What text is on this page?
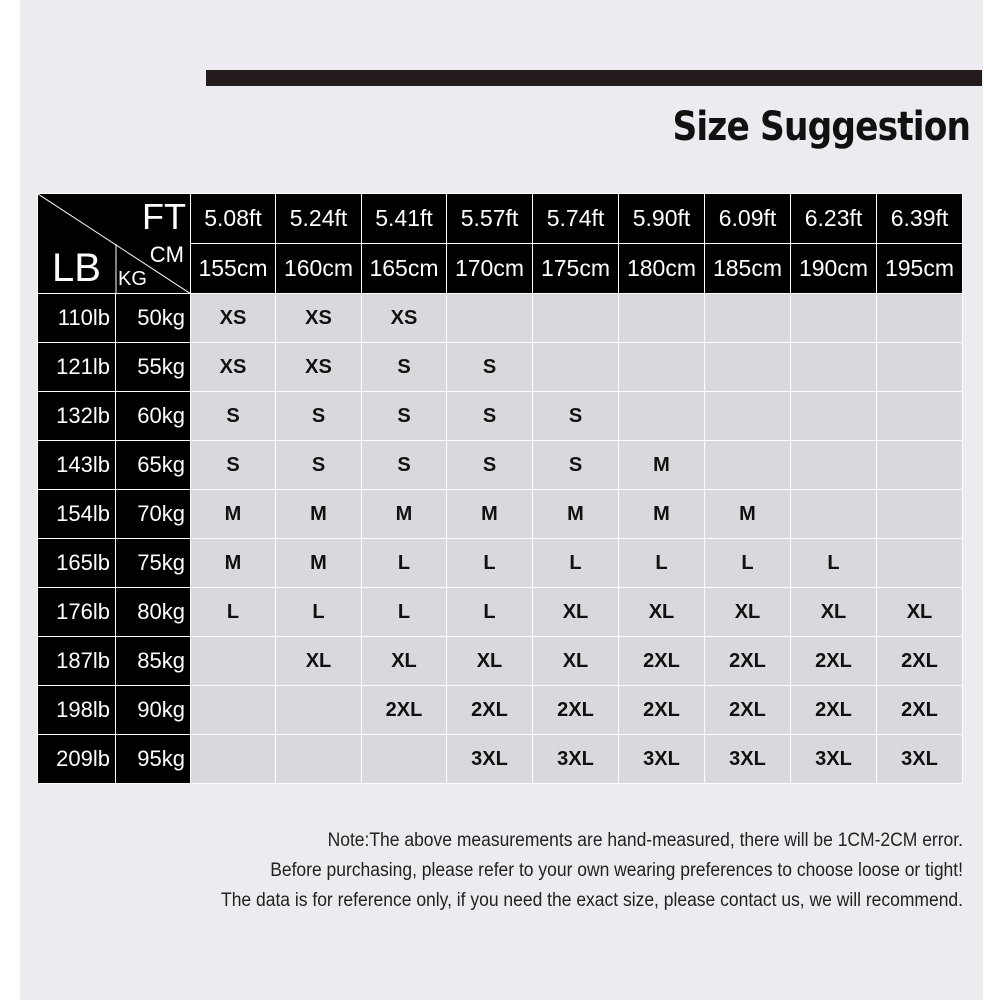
Size Suggestion
FT
CM
LB KG		5.08ft	5.24ft	5.41ft	5.57ft	5.74ft	5.90ft	6.09ft	6.23ft	6.39ft
		155cm	160cm	165cm	170cm	175cm	180cm	185cm	190cm	195cm
110lb	50kg	XS	XS	XS						
121lb	55kg	XS	XS	S	S					
132lb	60kg	S	S	S	S	S				
143lb	65kg	S	S	S	S	S	M			
154lb	70kg	M	M	M	M	M	M	M		
165lb	75kg	M	M	L	L	L	L	L	L	
176lb	80kg	L	L	L	L	XL	XL	XL	XL	XL
187lb	85kg		XL	XL	XL	XL	2XL	2XL	2XL	2XL
198lb	90kg			2XL	2XL	2XL	2XL	2XL	2XL	2XL
209lb	95kg				3XL	3XL	3XL	3XL	3XL	3XL
Note:The above measurements are hand-measured, there will be 1CM-2CM error.
Before purchasing, please refer to your own wearing preferences to choose loose or tight!
The data is for reference only, if you need the exact size, please contact us, we will recommend.
